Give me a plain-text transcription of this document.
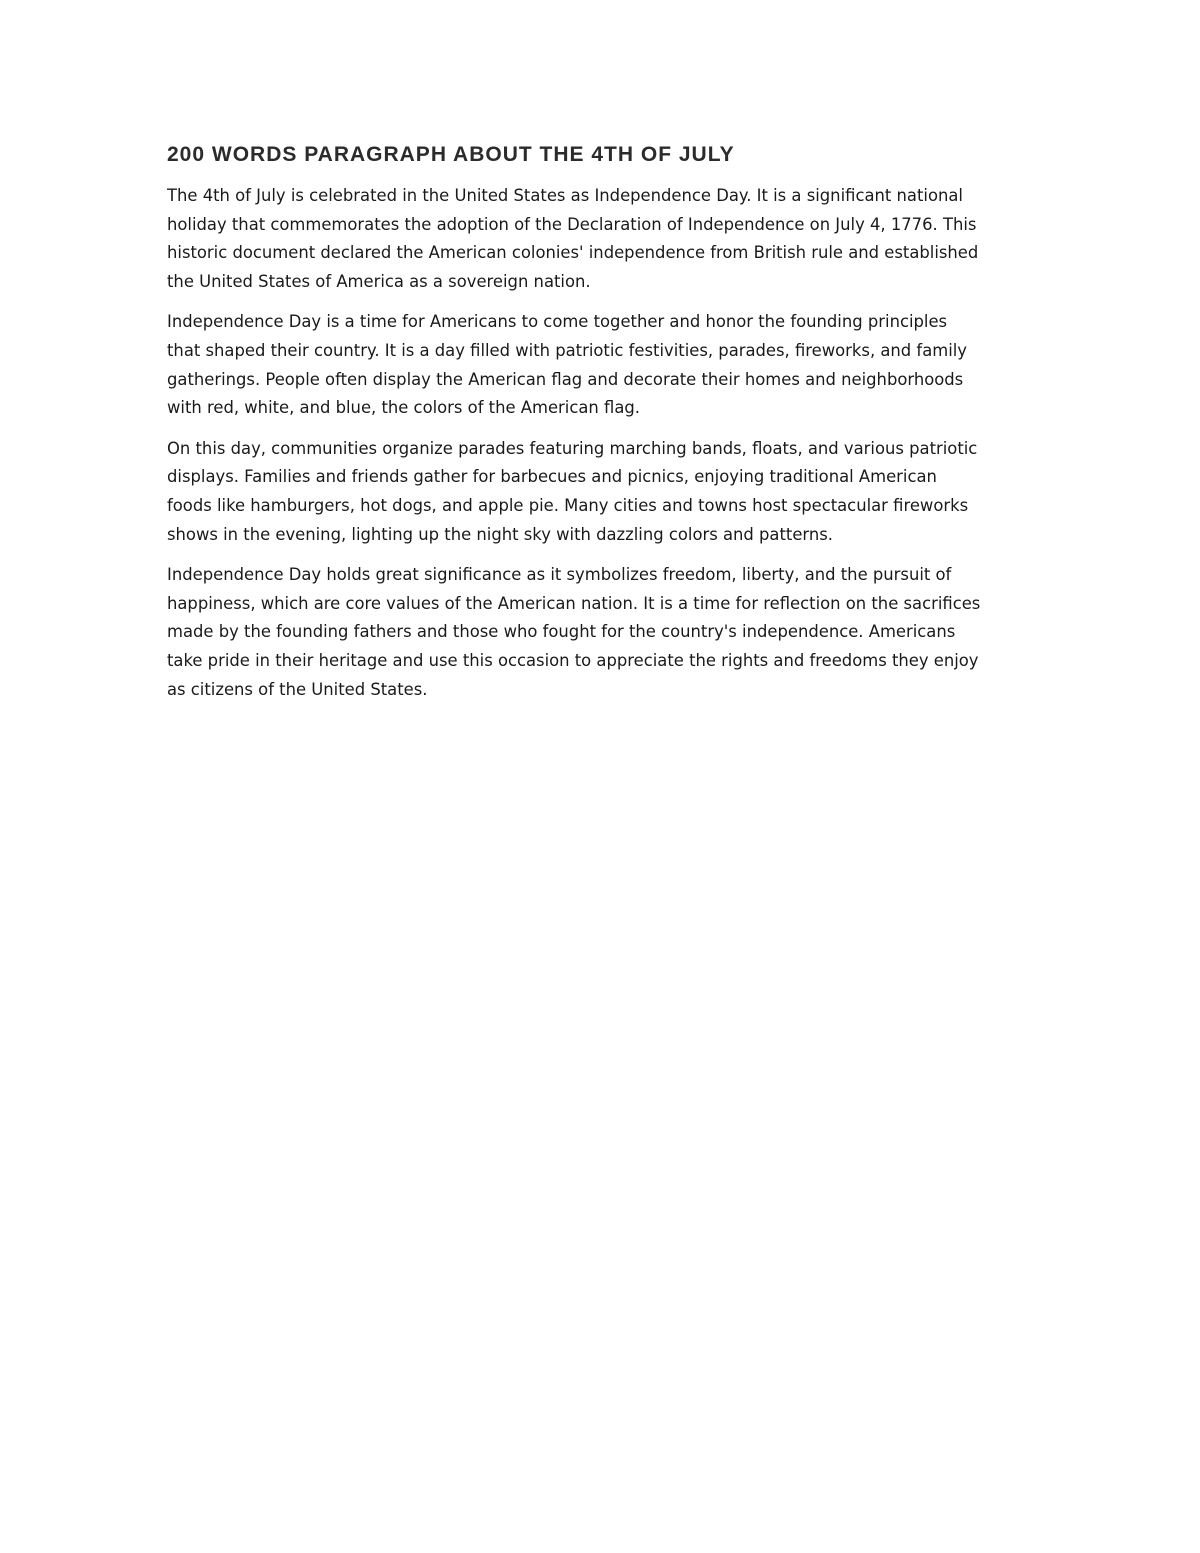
200 WORDS PARAGRAPH ABOUT THE 4TH OF JULY

The 4th of July is celebrated in the United States as Independence Day. It is a significant national
holiday that commemorates the adoption of the Declaration of Independence on July 4, 1776. This
historic document declared the American colonies' independence from British rule and established
the United States of America as a sovereign nation.

Independence Day is a time for Americans to come together and honor the founding principles
that shaped their country. It is a day filled with patriotic festivities, parades, fireworks, and family
gatherings. People often display the American flag and decorate their homes and neighborhoods
with red, white, and blue, the colors of the American flag.

On this day, communities organize parades featuring marching bands, floats, and various patriotic
displays. Families and friends gather for barbecues and picnics, enjoying traditional American
foods like hamburgers, hot dogs, and apple pie. Many cities and towns host spectacular fireworks
shows in the evening, lighting up the night sky with dazzling colors and patterns.

Independence Day holds great significance as it symbolizes freedom, liberty, and the pursuit of
happiness, which are core values of the American nation. It is a time for reflection on the sacrifices
made by the founding fathers and those who fought for the country's independence. Americans
take pride in their heritage and use this occasion to appreciate the rights and freedoms they enjoy
as citizens of the United States.
